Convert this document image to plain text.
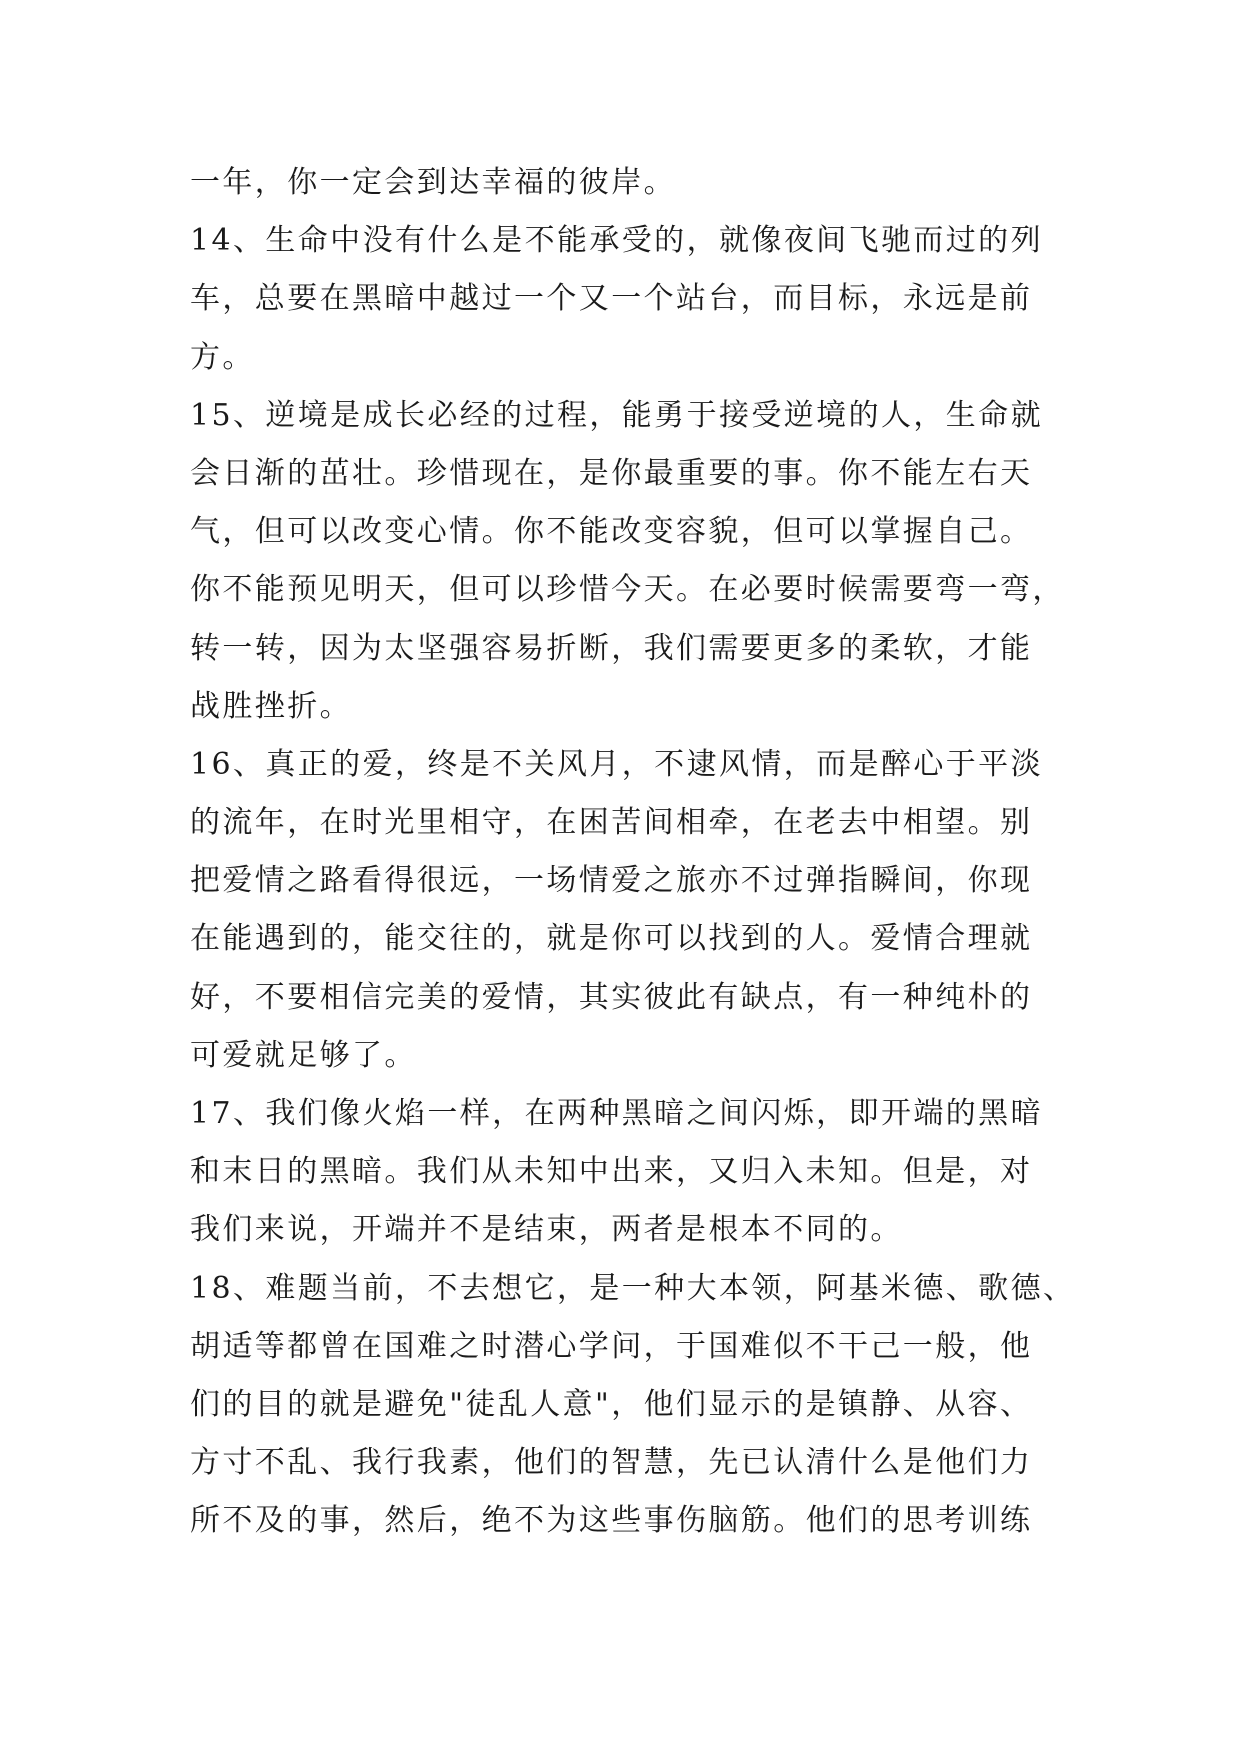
一年，你一定会到达幸福的彼岸。
14、生命中没有什么是不能承受的，就像夜间飞驰而过的列
车，总要在黑暗中越过一个又一个站台，而目标，永远是前
方。
15、逆境是成长必经的过程，能勇于接受逆境的人，生命就
会日渐的茁壮。珍惜现在，是你最重要的事。你不能左右天
气，但可以改变心情。你不能改变容貌，但可以掌握自己。
你不能预见明天，但可以珍惜今天。在必要时候需要弯一弯，
转一转，因为太坚强容易折断，我们需要更多的柔软，才能
战胜挫折。
16、真正的爱，终是不关风月，不逮风情，而是醉心于平淡
的流年，在时光里相守，在困苦间相牵，在老去中相望。别
把爱情之路看得很远，一场情爱之旅亦不过弹指瞬间，你现
在能遇到的，能交往的，就是你可以找到的人。爱情合理就
好，不要相信完美的爱情，其实彼此有缺点，有一种纯朴的
可爱就足够了。
17、我们像火焰一样，在两种黑暗之间闪烁，即开端的黑暗
和末日的黑暗。我们从未知中出来，又归入未知。但是，对
我们来说，开端并不是结束，两者是根本不同的。
18、难题当前，不去想它，是一种大本领，阿基米德、歌德、
胡适等都曾在国难之时潜心学问，于国难似不干己一般，他
们的目的就是避免"徒乱人意"，他们显示的是镇静、从容、
方寸不乱、我行我素，他们的智慧，先已认清什么是他们力
所不及的事，然后，绝不为这些事伤脑筋。他们的思考训练
